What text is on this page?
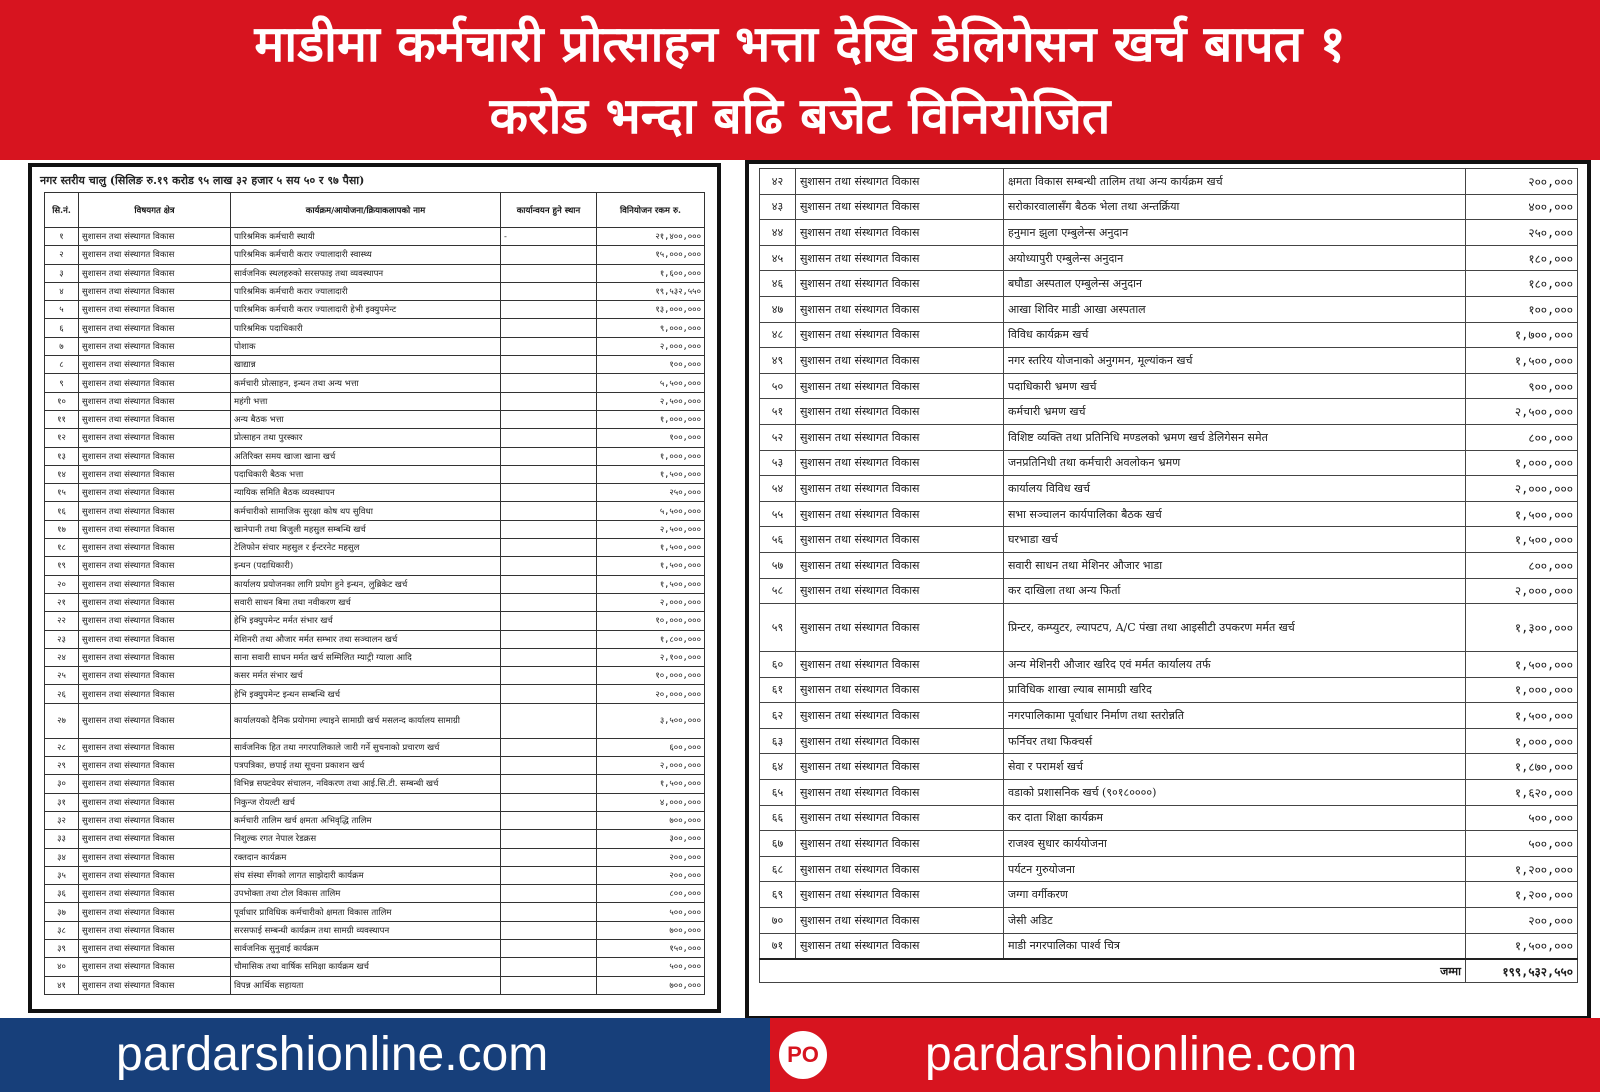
माडीमा कर्मचारी प्रोत्साहन भत्ता देखि डेलिगेसन खर्च बापत १
करोड भन्दा बढि बजेट विनियोजित
नगर स्तरीय चालु (सिलिङ रु.१९ करोड ९५ लाख ३२ हजार ५ सय ५० र ९७ पैसा)
सि.नं.	विषयगत क्षेत्र	कार्यक्रम/आयोजना/क्रियाकलापको नाम	कार्यान्वयन हुने स्थान	विनियोजन रकम रु.
१	सुशासन तथा संस्थागत विकास	पारिश्रमिक कर्मचारी स्थायी	-	२१,४००,०००
२	सुशासन तथा संस्थागत विकास	पारिश्रमिक कर्मचारी करार ज्यालादारी स्वास्थ्य		१५,०००,०००
३	सुशासन तथा संस्थागत विकास	सार्वजनिक स्थलहरुको सरसफाइ तथा व्यवस्थापन		१,६००,०००
४	सुशासन तथा संस्थागत विकास	पारिश्रमिक कर्मचारी करार ज्यालादारी		१९,५३२,५५०
५	सुशासन तथा संस्थागत विकास	पारिश्रमिक कर्मचारी करार ज्यालादारी हेभी इक्युपमेन्ट		१३,०००,०००
६	सुशासन तथा संस्थागत विकास	पारिश्रमिक पदाधिकारी		९,०००,०००
७	सुशासन तथा संस्थागत विकास	पोशाक		२,०००,०००
८	सुशासन तथा संस्थागत विकास	खाद्यान्न		१००,०००
९	सुशासन तथा संस्थागत विकास	कर्मचारी प्रोत्साहन, इन्धन तथा अन्य भत्ता		५,५००,०००
१०	सुशासन तथा संस्थागत विकास	महंगी भत्ता		२,५००,०००
११	सुशासन तथा संस्थागत विकास	अन्य बैठक भत्ता		१,०००,०००
१२	सुशासन तथा संस्थागत विकास	प्रोत्साहन तथा पुरस्कार		१००,०००
१३	सुशासन तथा संस्थागत विकास	अतिरिक्त समय खाजा खाना खर्च		१,०००,०००
१४	सुशासन तथा संस्थागत विकास	पदाधिकारी बैठक भत्ता		१,५००,०००
१५	सुशासन तथा संस्थागत विकास	न्यायिक समिति बैठक व्यवस्थापन		२५०,०००
१६	सुशासन तथा संस्थागत विकास	कर्मचारीको सामाजिक सुरक्षा कोष थप सुविधा		५,५००,०००
१७	सुशासन तथा संस्थागत विकास	खानेपानी तथा बिजुली महसुल सम्बन्धि खर्च		२,५००,०००
१८	सुशासन तथा संस्थागत विकास	टेलिफोन संचार महसुल र ईन्टरनेट महसुल		१,५००,०००
१९	सुशासन तथा संस्थागत विकास	इन्धन (पदाधिकारी)		१,५००,०००
२०	सुशासन तथा संस्थागत विकास	कार्यालय प्रयोजनका लागि प्रयोग हुने इन्धन, लुब्रिकेट खर्च		१,५००,०००
२१	सुशासन तथा संस्थागत विकास	सवारी साधन बिमा तथा नवीकरण खर्च		२,०००,०००
२२	सुशासन तथा संस्थागत विकास	हेभि इक्युपमेन्ट मर्मत संभार खर्च		१०,०००,०००
२३	सुशासन तथा संस्थागत विकास	मेशिनरी तथा औजार मर्मत सम्भार तथा सञ्चालन खर्च		१,८००,०००
२४	सुशासन तथा संस्थागत विकास	साना सवारी साधन मर्मत खर्च सम्मिलित म्याट्री ग्याला आदि		२,१००,०००
२५	सुशासन तथा संस्थागत विकास	कसर मर्मत संभार खर्च		१०,०००,०००
२६	सुशासन तथा संस्थागत विकास	हेभि इक्युपमेन्ट इन्धन सम्बन्धि खर्च		२०,०००,०००
२७	सुशासन तथा संस्थागत विकास	कार्यालयको दैनिक प्रयोगमा ल्याइने सामाग्री खर्च मसलन्द कार्यालय सामाग्री		३,५००,०००
२८	सुशासन तथा संस्थागत विकास	सार्वजनिक हित तथा नगरपालिकाले जारी गर्ने सुचनाको प्रचारण खर्च		६००,०००
२९	सुशासन तथा संस्थागत विकास	पत्रपत्रिका, छपाई तथा सूचना प्रकाशन खर्च		२,०००,०००
३०	सुशासन तथा संस्थागत विकास	विभिन्न सफ्टवेयर संचालन, नविकरण तथा आई.सि.टी. सम्बन्धी खर्च		१,५००,०००
३१	सुशासन तथा संस्थागत विकास	निकुन्ज रोयल्टी खर्च		४,०००,०००
३२	सुशासन तथा संस्थागत विकास	कर्मचारी तालिम खर्च क्षमता अभिवृद्धि तालिम		७००,०००
३३	सुशासन तथा संस्थागत विकास	निशुल्क रगत नेपाल रेडक्रस		३००,०००
३४	सुशासन तथा संस्थागत विकास	रक्तदान कार्यक्रम		२००,०००
३५	सुशासन तथा संस्थागत विकास	संघ संस्था सँगको लागत साझेदारी कार्यक्रम		२००,०००
३६	सुशासन तथा संस्थागत विकास	उपभोक्ता तथा टोल विकास तालिम		८००,०००
३७	सुशासन तथा संस्थागत विकास	पूर्वाधार प्राविधिक कर्मचारीको क्षमता विकास तालिम		५००,०००
३८	सुशासन तथा संस्थागत विकास	सरसफाई सम्बन्धी कार्यक्रम तथा सामग्री व्यवस्थापन		७००,०००
३९	सुशासन तथा संस्थागत विकास	सार्वजनिक सुनुवाई कार्यक्रम		१५०,०००
४०	सुशासन तथा संस्थागत विकास	चौमासिक तथा वार्षिक समिक्षा कार्यक्रम खर्च		५००,०००
४१	सुशासन तथा संस्थागत विकास	विपन्न आर्थिक सहायता		७००,०००
४२	सुशासन तथा संस्थागत विकास	क्षमता विकास सम्बन्धी तालिम तथा अन्य कार्यक्रम खर्च	२००,०००
४३	सुशासन तथा संस्थागत विकास	सरोकारवालासँग बैठक भेला तथा अन्तर्क्रिया	४००,०००
४४	सुशासन तथा संस्थागत विकास	हनुमान झुला एम्बुलेन्स अनुदान	२५०,०००
४५	सुशासन तथा संस्थागत विकास	अयोध्यापुरी एम्बुलेन्स अनुदान	१८०,०००
४६	सुशासन तथा संस्थागत विकास	बघौडा अस्पताल एम्बुलेन्स अनुदान	१८०,०००
४७	सुशासन तथा संस्थागत विकास	आखा शिविर माडी आखा अस्पताल	१००,०००
४८	सुशासन तथा संस्थागत विकास	विविध कार्यक्रम खर्च	१,७००,०००
४९	सुशासन तथा संस्थागत विकास	नगर स्तरिय योजनाको अनुगमन, मूल्यांकन खर्च	१,५००,०००
५०	सुशासन तथा संस्थागत विकास	पदाधिकारी भ्रमण खर्च	९००,०००
५१	सुशासन तथा संस्थागत विकास	कर्मचारी भ्रमण खर्च	२,५००,०००
५२	सुशासन तथा संस्थागत विकास	विशिष्ट व्यक्ति तथा प्रतिनिधि मण्डलको भ्रमण खर्च डेलिगेसन समेत	८००,०००
५३	सुशासन तथा संस्थागत विकास	जनप्रतिनिधी तथा कर्मचारी अवलोकन भ्रमण	१,०००,०००
५४	सुशासन तथा संस्थागत विकास	कार्यालय विविध खर्च	२,०००,०००
५५	सुशासन तथा संस्थागत विकास	सभा सञ्चालन कार्यपालिका बैठक खर्च	१,५००,०००
५६	सुशासन तथा संस्थागत विकास	घरभाडा खर्च	१,५००,०००
५७	सुशासन तथा संस्थागत विकास	सवारी साधन तथा मेशिनर औजार भाडा	८००,०००
५८	सुशासन तथा संस्थागत विकास	कर दाखिला तथा अन्य फिर्ता	२,०००,०००
५९	सुशासन तथा संस्थागत विकास	प्रिन्टर, कम्प्युटर, ल्यापटप, A/C पंखा तथा आइसीटी उपकरण मर्मत खर्च	१,३००,०००
६०	सुशासन तथा संस्थागत विकास	अन्य मेशिनरी औजार खरिद एवं मर्मत कार्यालय तर्फ	१,५००,०००
६१	सुशासन तथा संस्थागत विकास	प्राविधिक शाखा ल्याब सामाग्री खरिद	१,०००,०००
६२	सुशासन तथा संस्थागत विकास	नगरपालिकामा पूर्वाधार निर्माण तथा स्तरोन्नति	१,५००,०००
६३	सुशासन तथा संस्थागत विकास	फर्निचर तथा फिक्चर्स	१,०००,०००
६४	सुशासन तथा संस्थागत विकास	सेवा र परामर्श खर्च	१,८७०,०००
६५	सुशासन तथा संस्थागत विकास	वडाको प्रशासनिक खर्च (९०१८००००)	१,६२०,०००
६६	सुशासन तथा संस्थागत विकास	कर दाता शिक्षा कार्यक्रम	५००,०००
६७	सुशासन तथा संस्थागत विकास	राजश्व सुधार कार्ययोजना	५००,०००
६८	सुशासन तथा संस्थागत विकास	पर्यटन गुरुयोजना	१,२००,०००
६९	सुशासन तथा संस्थागत विकास	जग्गा वर्गीकरण	१,२००,०००
७०	सुशासन तथा संस्थागत विकास	जेसी अडिट	२००,०००
७१	सुशासन तथा संस्थागत विकास	माडी नगरपालिका पार्श्व चित्र	१,५००,०००
जम्मा			१९९,५३२,५५०
pardarshionline.com	PO pardarshionline.com
